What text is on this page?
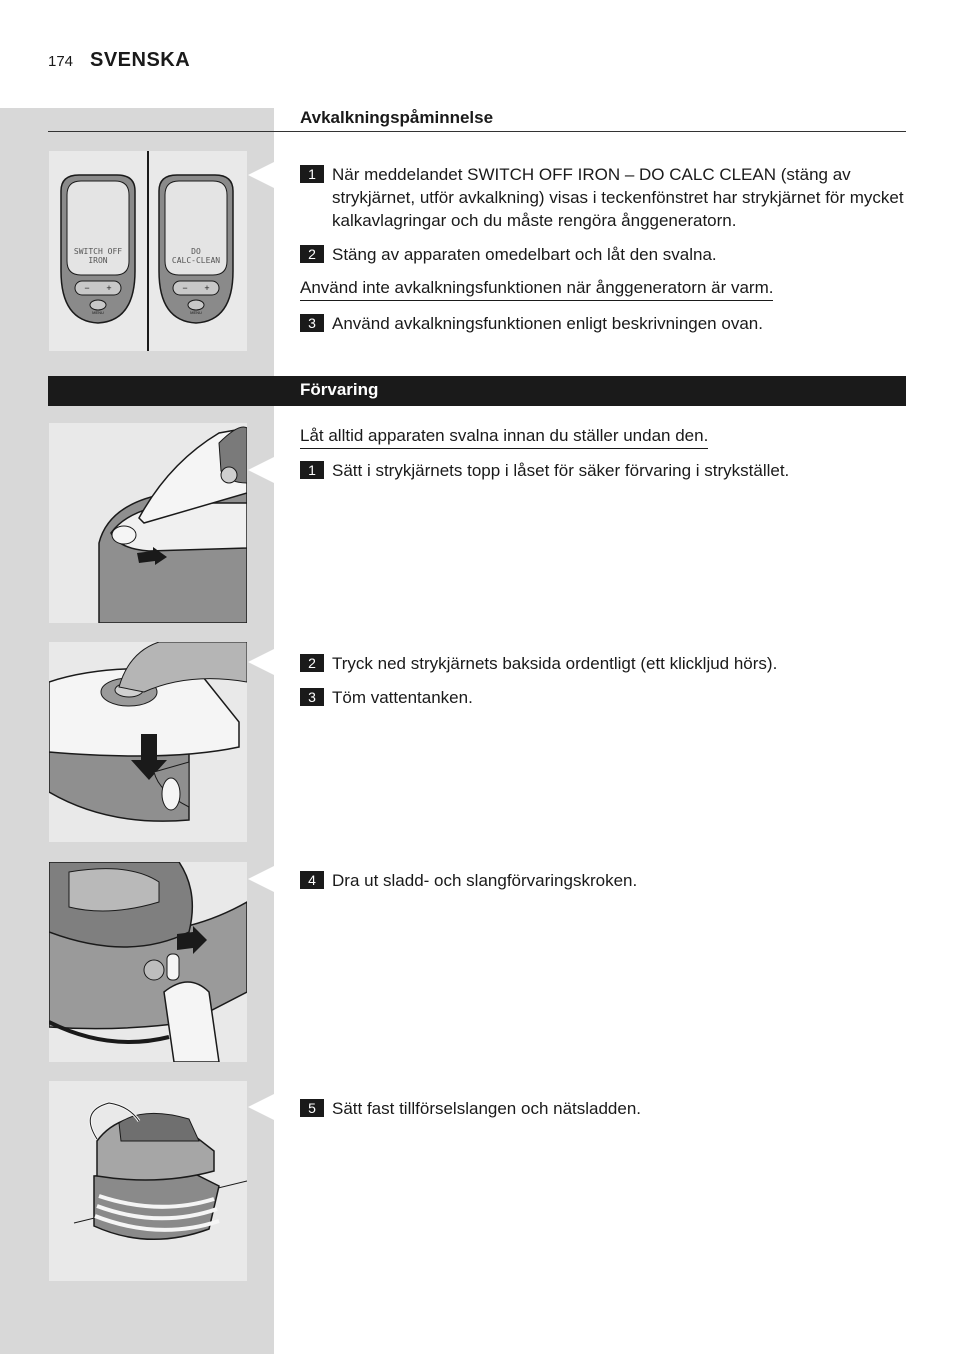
174 SVENSKA
Avkalkningspåminnelse
SWITCH OFF
IRON
− +
MENU
DO
CALC-CLEAN
− +
MENU
1 När meddelandet SWITCH OFF IRON – DO CALC CLEAN (stäng av strykjärnet, utför avkalkning) visas i teckenfönstret har strykjärnet för mycket kalkavlagringar och du måste rengöra ånggeneratorn.
2 Stäng av apparaten omedelbart och låt den svalna.
Använd inte avkalkningsfunktionen när ånggeneratorn är varm.
3 Använd avkalkningsfunktionen enligt beskrivningen ovan.
Förvaring
Låt alltid apparaten svalna innan du ställer undan den.
1 Sätt i strykjärnets topp i låset för säker förvaring i strykstället.
2 Tryck ned strykjärnets baksida ordentligt (ett klickljud hörs).
3 Töm vattentanken.
4 Dra ut sladd- och slangförvaringskroken.
5 Sätt fast tillförselslangen och nätsladden.
